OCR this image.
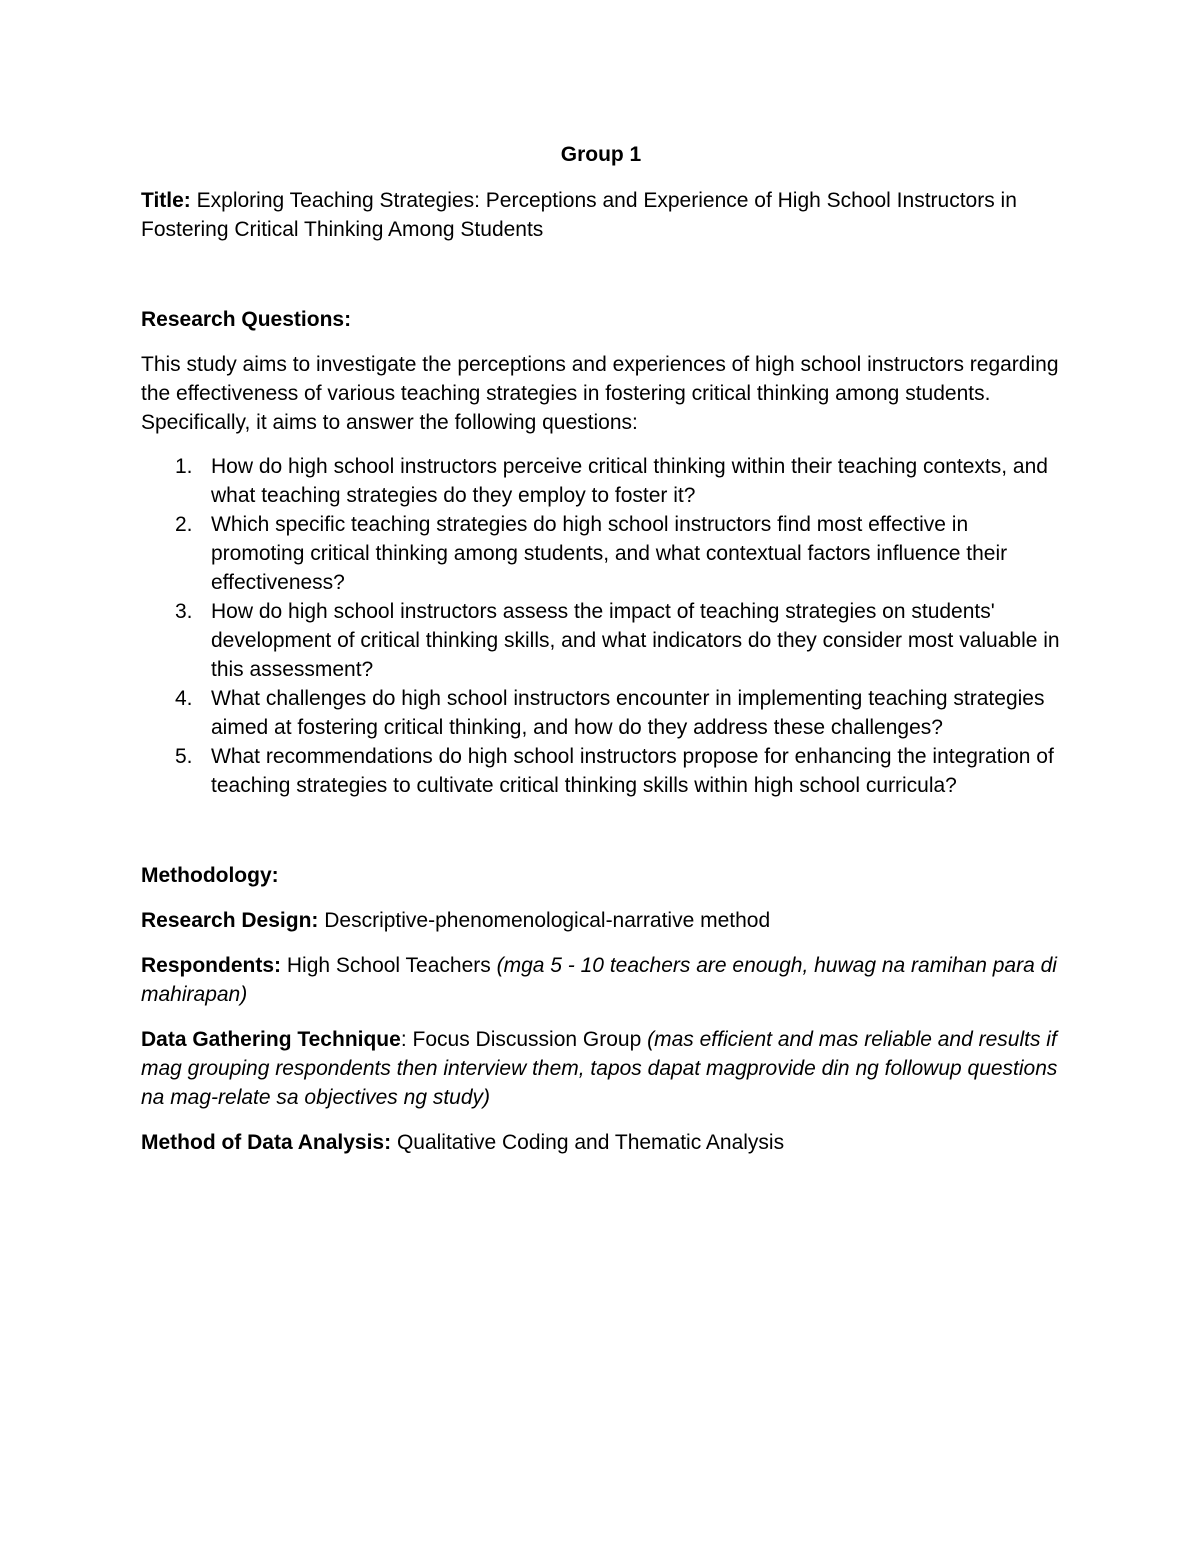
Group 1

Title: Exploring Teaching Strategies: Perceptions and Experience of High School Instructors in Fostering Critical Thinking Among Students

Research Questions:

This study aims to investigate the perceptions and experiences of high school instructors regarding the effectiveness of various teaching strategies in fostering critical thinking among students. Specifically, it aims to answer the following questions:

1. How do high school instructors perceive critical thinking within their teaching contexts, and what teaching strategies do they employ to foster it?
2. Which specific teaching strategies do high school instructors find most effective in promoting critical thinking among students, and what contextual factors influence their effectiveness?
3. How do high school instructors assess the impact of teaching strategies on students' development of critical thinking skills, and what indicators do they consider most valuable in this assessment?
4. What challenges do high school instructors encounter in implementing teaching strategies aimed at fostering critical thinking, and how do they address these challenges?
5. What recommendations do high school instructors propose for enhancing the integration of teaching strategies to cultivate critical thinking skills within high school curricula?

Methodology:

Research Design: Descriptive-phenomenological-narrative method

Respondents: High School Teachers (mga 5 - 10 teachers are enough, huwag na ramihan para di mahirapan)

Data Gathering Technique: Focus Discussion Group (mas efficient and mas reliable and results if mag grouping respondents then interview them, tapos dapat magprovide din ng followup questions na mag-relate sa objectives ng study)

Method of Data Analysis: Qualitative Coding and Thematic Analysis
